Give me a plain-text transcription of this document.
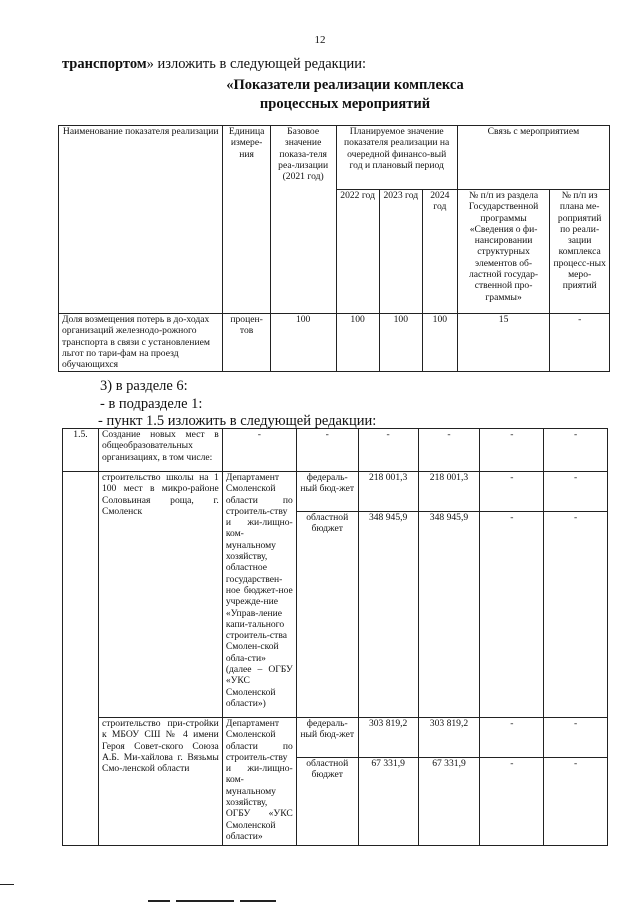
12
транспортом» изложить в следующей редакции:
«Показатели реализации комплекса
процессных мероприятий
Наименование показателя реализации	Единица измере-ния	Базовое значение показа-теля реа-лизации (2021 год)	Планируемое значение показателя реализации на очередной финансо-вый год и плановый период			Связь с мероприятием	
			2022 год	2023 год	2024 год	№ п/п из раздела Государственной программы «Сведения о фи-нансировании структурных элементов об-ластной государ-ственной про-граммы»	№ п/п из плана ме-роприятий по реали-зации комплекса процесс-ных меро-приятий
Доля возмещения потерь в до-ходах организаций железнодо-рожного транспорта в связи с установлением льгот по тари-фам на проезд обучающихся	процен-тов	100	100	100	100	15	-
3) в разделе 6:
- в подразделе 1:
- пункт 1.5 изложить в следующей редакции:
1.5.	Создание новых мест в общеобразовательных организациях, в том числе:	-	-	-	-	-	-
	строительство школы на 1 100 мест в микро-районе Соловьиная роща, г. Смоленск	Департамент Смоленской области по строитель-ству и жи-лищно-ком-мунальному хозяйству, областное государствен-ное бюджет-ное учрежде-ние «Управ-ление капи-тального строитель-ства Смолен-ской обла-сти» (далее – ОГБУ «УКС Смоленской области»)	федераль-ный бюд-жет	218 001,3	218 001,3	-	-
			областной бюджет	348 945,9	348 945,9	-	-
	строительство при-стройки к МБОУ СШ № 4 имени Героя Совет-ского Союза А.Б. Ми-хайлова г. Вязьмы Смо-ленской области	Департамент Смоленской области по строитель-ству и жи-лищно-ком-мунальному хозяйству, ОГБУ «УКС Смоленской области»	федераль-ный бюд-жет	303 819,2	303 819,2	-	-
			областной бюджет	67 331,9	67 331,9	-	-
